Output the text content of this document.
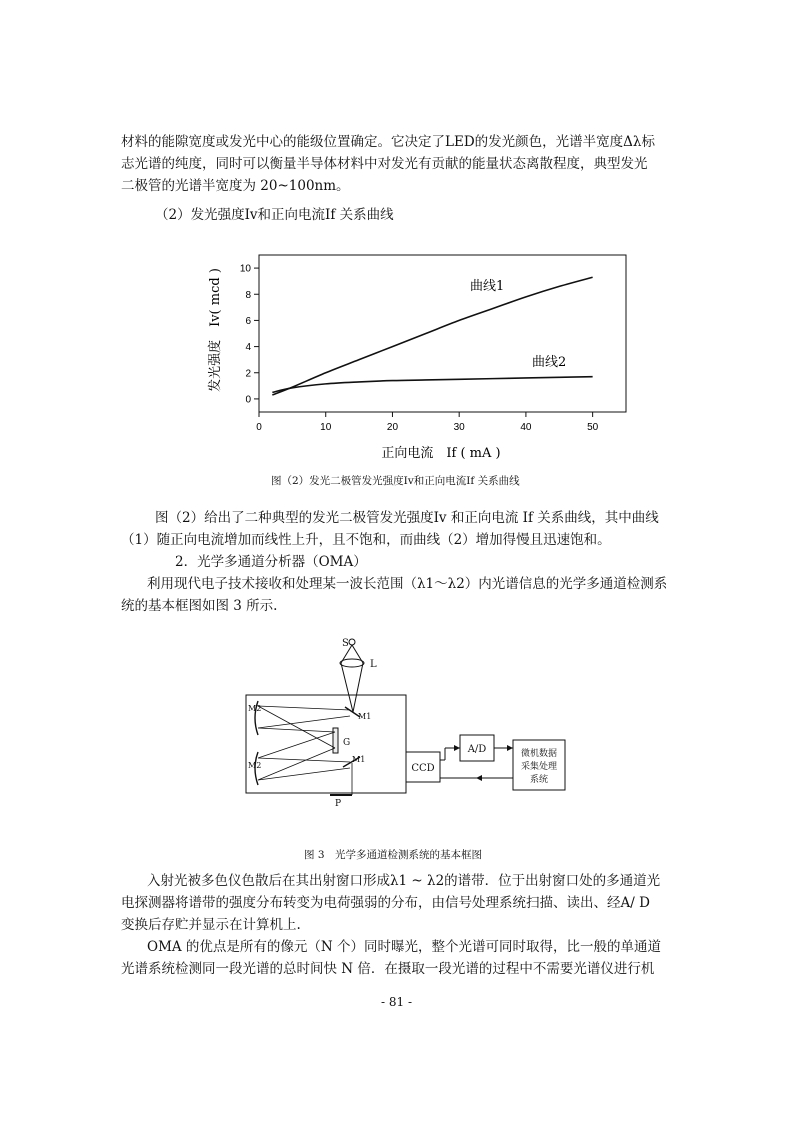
材料的能隙宽度或发光中心的能级位置确定。它决定了LED的发光颜色，光谱半宽度Δλ标
志光谱的纯度，同时可以衡量半导体材料中对发光有贡献的能量状态离散程度，典型发光
二极管的光谱半宽度为 20~100nm。
（2）发光强度Iv和正向电流If 关系曲线
0	10	20	30	40	50
0
2
4
6
8
10
正向电流　If ( mA )
发光强度　Iv( mcd )	曲线1
曲线2
图（2）发光二极管发光强度Iv和正向电流If 关系曲线
图（2）给出了二种典型的发光二极管发光强度Iv 和正向电流 If 关系曲线，其中曲线
（1）随正向电流增加而线性上升，且不饱和，而曲线（2）增加得慢且迅速饱和。
2．光学多通道分析器（OMA）
利用现代电子技术接收和处理某一波长范围（λ1～λ2）内光谱信息的光学多通道检测系
统的基本框图如图 3 所示.
S
L
M2
M1
G
M2
M1
P
CCD
A/D	微机数据
采集处理
系统
图 3　光学多通道检测系统的基本框图
入射光被多色仪色散后在其出射窗口形成λ1 ~ λ2的谱带．位于出射窗口处的多通道光
电探测器将谱带的强度分布转变为电荷强弱的分布，由信号处理系统扫描、读出、经A/ D
变换后存贮并显示在计算机上.
OMA 的优点是所有的像元（N 个）同时曝光，整个光谱可同时取得，比一般的单通道
光谱系统检测同一段光谱的总时间快 N 倍．在摄取一段光谱的过程中不需要光谱仪进行机
- 81 -
